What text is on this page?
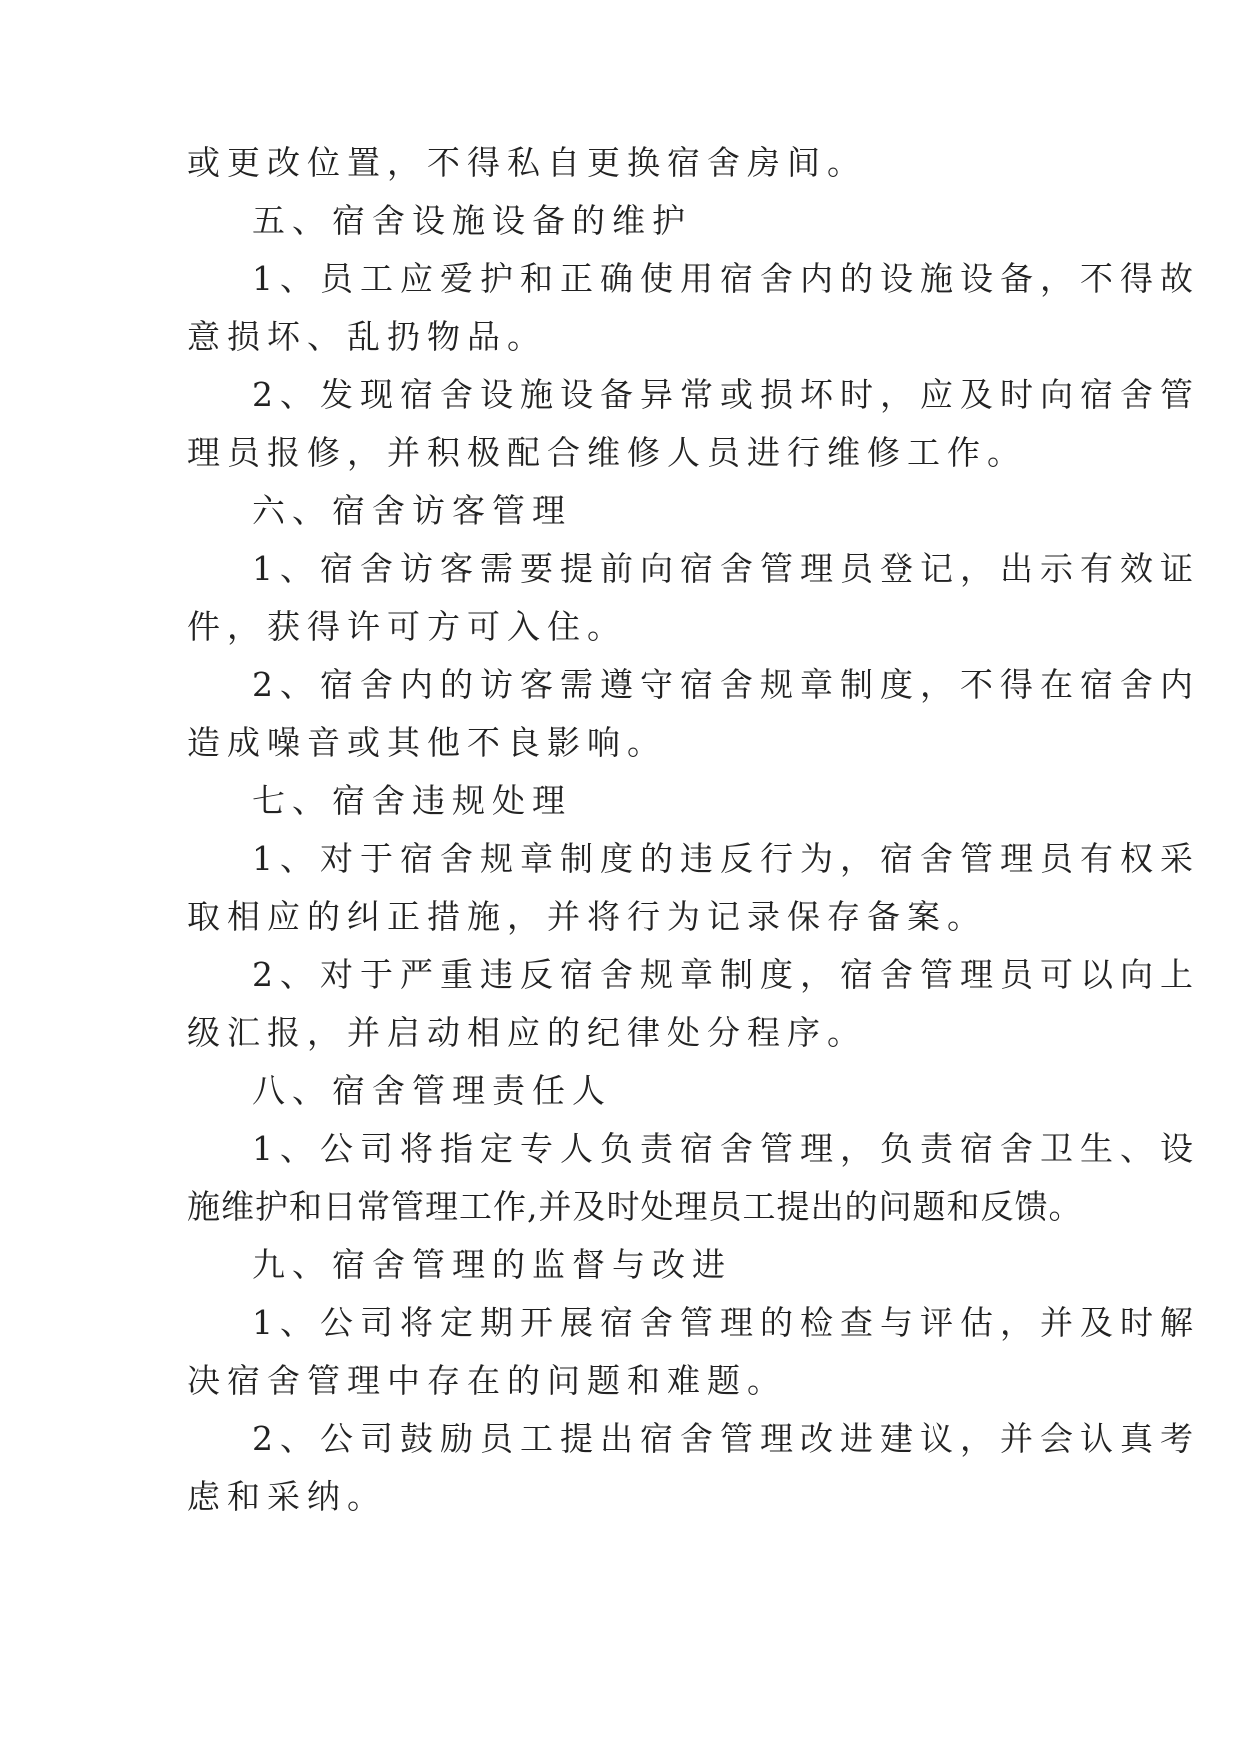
或更改位置，不得私自更换宿舍房间。
五、宿舍设施设备的维护
1、员工应爱护和正确使用宿舍内的设施设备，不得故
意损坏、乱扔物品。
2、发现宿舍设施设备异常或损坏时，应及时向宿舍管
理员报修，并积极配合维修人员进行维修工作。
六、宿舍访客管理
1、宿舍访客需要提前向宿舍管理员登记，出示有效证
件，获得许可方可入住。
2、宿舍内的访客需遵守宿舍规章制度，不得在宿舍内
造成噪音或其他不良影响。
七、宿舍违规处理
1、对于宿舍规章制度的违反行为，宿舍管理员有权采
取相应的纠正措施，并将行为记录保存备案。
2、对于严重违反宿舍规章制度，宿舍管理员可以向上
级汇报，并启动相应的纪律处分程序。
八、宿舍管理责任人
1、公司将指定专人负责宿舍管理，负责宿舍卫生、设
施维护和日常管理工作,并及时处理员工提出的问题和反馈。
九、宿舍管理的监督与改进
1、公司将定期开展宿舍管理的检查与评估，并及时解
决宿舍管理中存在的问题和难题。
2、公司鼓励员工提出宿舍管理改进建议，并会认真考
虑和采纳。
